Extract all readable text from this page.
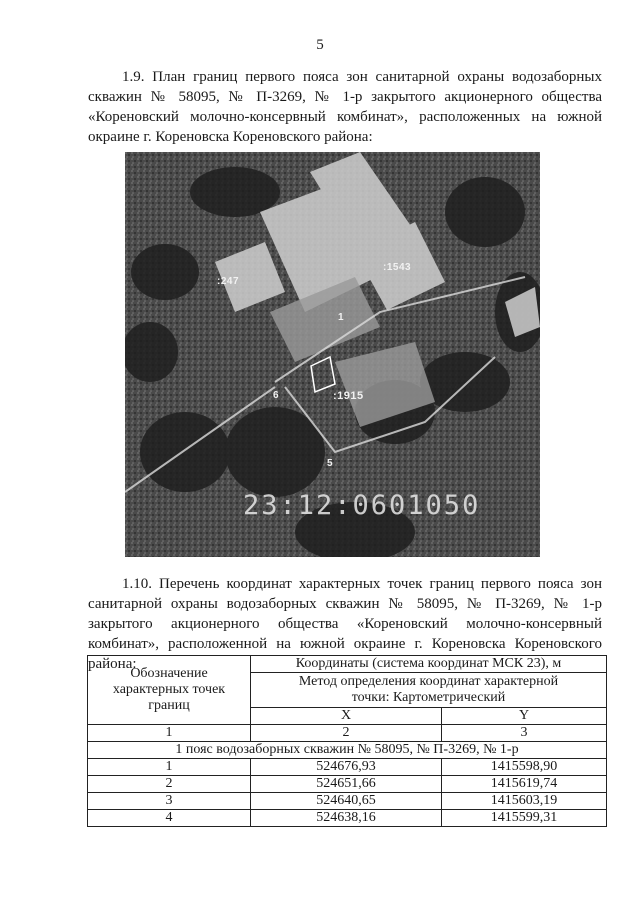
5

1.9. План границ первого пояса зон санитарной охраны водозаборных скважин № 58095, № П-3269, № 1-р закрытого акционерного общества «Кореновский молочно-консервный комбинат», расположенных на южной окраине г. Кореновска Кореновского района:

:1915
:1543
:247
1
5
6
23:12:0601050

1.10. Перечень координат характерных точек границ первого пояса зон санитарной охраны водозаборных скважин № 58095, № П-3269, № 1-р закрытого акционерного общества «Кореновский молочно-консервный комбинат», расположенной на южной окраине г. Кореновска Кореновского района:

Обозначение характерных точек границ	Координаты (система координат МСК 23), м	
	Метод определения координат характерной точки: Картометрический	
	X	Y
1	2	3
1 пояс водозаборных скважин № 58095, № П-3269, № 1-р		
1	524676,93	1415598,90
2	524651,66	1415619,74
3	524640,65	1415603,19
4	524638,16	1415599,31
